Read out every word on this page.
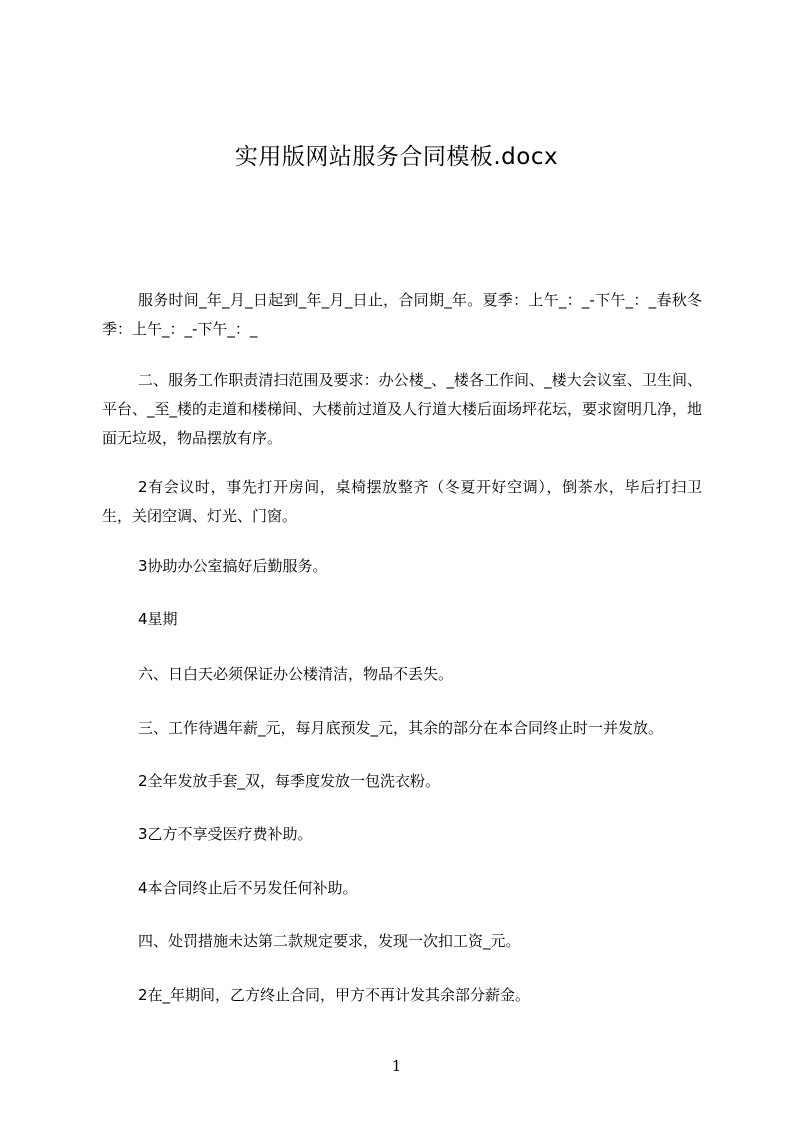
实用版网站服务合同模板.docx
服务时间_年_月_日起到_年_月_日止，合同期_年。夏季：上午_：_-下午_：_春秋冬季：上午_：_-下午_：_
二、服务工作职责清扫范围及要求：办公楼_、_楼各工作间、_楼大会议室、卫生间、平台、_至_楼的走道和楼梯间、大楼前过道及人行道大楼后面场坪花坛，要求窗明几净，地面无垃圾，物品摆放有序。
2有会议时，事先打开房间，桌椅摆放整齐（冬夏开好空调），倒茶水，毕后打扫卫生，关闭空调、灯光、门窗。
3协助办公室搞好后勤服务。
4星期
六、日白天必须保证办公楼清洁，物品不丢失。
三、工作待遇年薪_元，每月底预发_元，其余的部分在本合同终止时一并发放。
2全年发放手套_双，每季度发放一包洗衣粉。
3乙方不享受医疗费补助。
4本合同终止后不另发任何补助。
四、处罚措施未达第二款规定要求，发现一次扣工资_元。
2在_年期间，乙方终止合同，甲方不再计发其余部分薪金。
1
